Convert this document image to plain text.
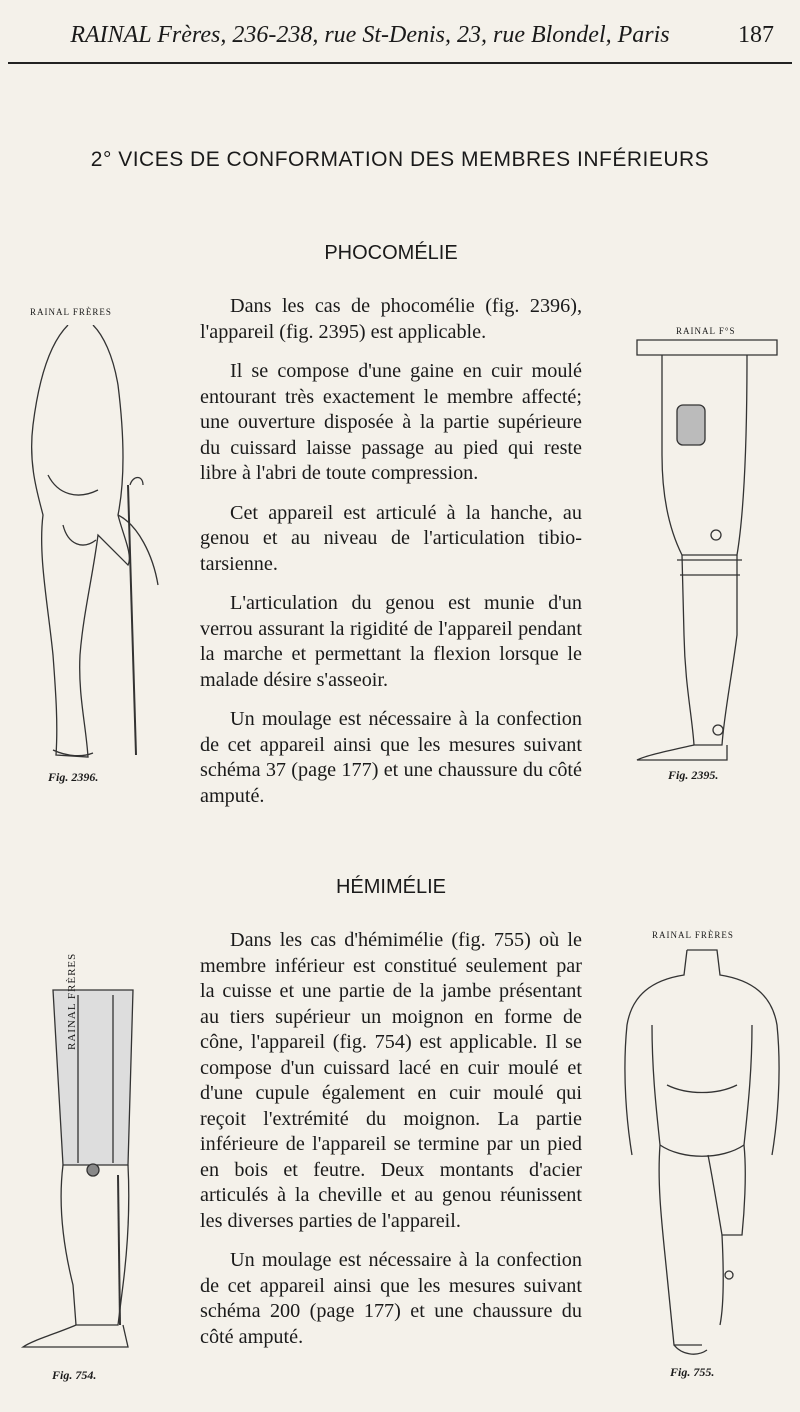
RAINAL Frères, 236-238, rue St-Denis, 23, rue Blondel, Paris	187
2° VICES DE CONFORMATION DES MEMBRES INFÉRIEURS
PHOCOMÉLIE

Dans les cas de phocomélie (fig. 2396), l'appareil (fig. 2395) est applicable.

Il se compose d'une gaine en cuir moulé entourant très exactement le membre affecté; une ouverture disposée à la partie supérieure du cuissard laisse passage au pied qui reste libre à l'abri de toute compression.

Cet appareil est articulé à la hanche, au genou et au niveau de l'articulation tibio-tarsienne.

L'articulation du genou est munie d'un verrou assurant la rigidité de l'appareil pendant la marche et permettant la flexion lorsque le malade désire s'asseoir.

Un moulage est nécessaire à la confection de cet appareil ainsi que les mesures suivant schéma 37 (page 177) et une chaussure du côté amputé.

RAINAL FRÈRES
Fig. 2396.
RAINAL F°S
Fig. 2395.
HÉMIMÉLIE

Dans les cas d'hémimélie (fig. 755) où le membre inférieur est constitué seulement par la cuisse et une partie de la jambe présentant au tiers supérieur un moignon en forme de cône, l'appareil (fig. 754) est applicable. Il se compose d'un cuissard lacé en cuir moulé et d'une cupule également en cuir moulé qui reçoit l'extrémité du moignon. La partie inférieure de l'appareil se termine par un pied en bois et feutre. Deux montants d'acier articulés à la cheville et au genou réunissent les diverses parties de l'appareil.

Un moulage est nécessaire à la confection de cet appareil ainsi que les mesures suivant schéma 200 (page 177) et une chaussure du côté amputé.

RAINAL FRÈRES
Fig. 754.
RAINAL FRÈRES
Fig. 755.
